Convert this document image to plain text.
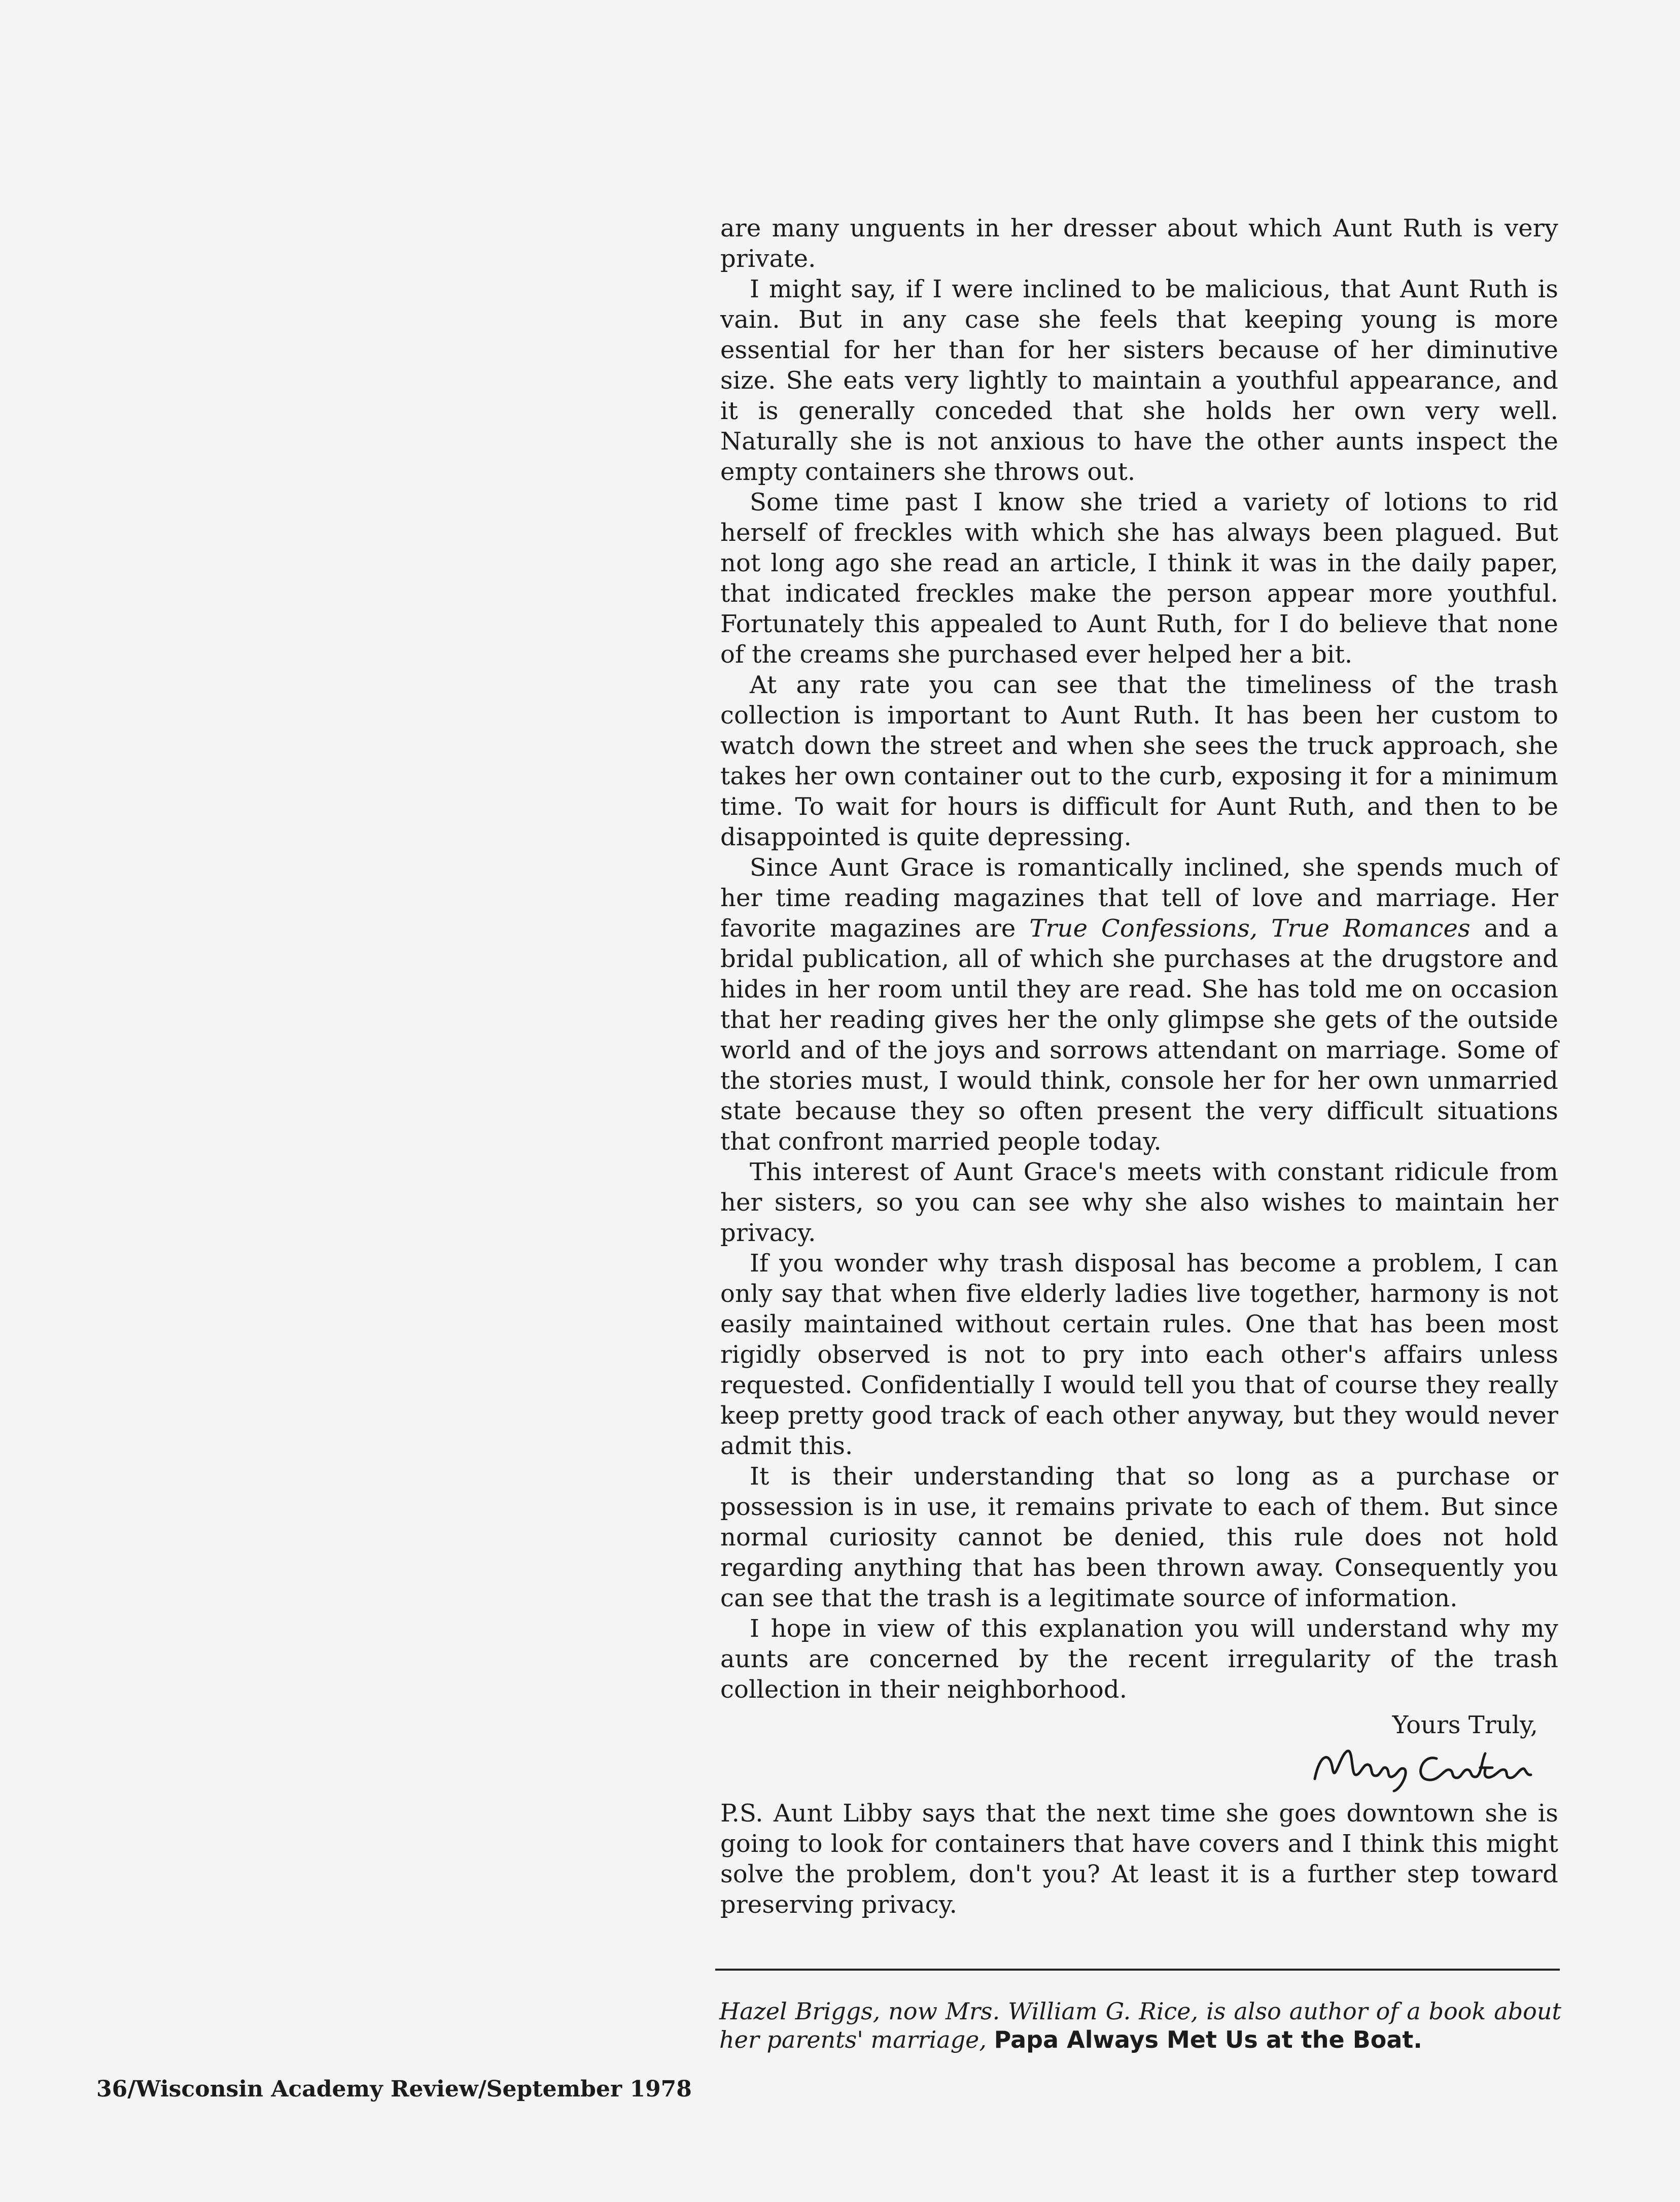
are many unguents in her dresser about which Aunt Ruth is very private.

I might say, if I were inclined to be malicious, that Aunt Ruth is vain. But in any case she feels that keeping young is more essential for her than for her sisters because of her diminutive size. She eats very lightly to maintain a youthful appearance, and it is generally conceded that she holds her own very well. Naturally she is not anxious to have the other aunts inspect the empty containers she throws out.

Some time past I know she tried a variety of lotions to rid herself of freckles with which she has always been plagued. But not long ago she read an article, I think it was in the daily paper, that indicated freckles make the person appear more youthful. Fortunately this appealed to Aunt Ruth, for I do believe that none of the creams she purchased ever helped her a bit.

At any rate you can see that the timeliness of the trash collection is important to Aunt Ruth. It has been her custom to watch down the street and when she sees the truck approach, she takes her own container out to the curb, exposing it for a minimum time. To wait for hours is difficult for Aunt Ruth, and then to be disappointed is quite depressing.

Since Aunt Grace is romantically inclined, she spends much of her time reading magazines that tell of love and marriage. Her favorite magazines are True Confessions, True Romances and a bridal publication, all of which she purchases at the drugstore and hides in her room until they are read. She has told me on occasion that her reading gives her the only glimpse she gets of the outside world and of the joys and sorrows attendant on marriage. Some of the stories must, I would think, console her for her own unmarried state because they so often present the very difficult situations that confront married people today.

This interest of Aunt Grace's meets with constant ridicule from her sisters, so you can see why she also wishes to maintain her privacy.

If you wonder why trash disposal has become a problem, I can only say that when five elderly ladies live together, harmony is not easily maintained without certain rules. One that has been most rigidly observed is not to pry into each other's affairs unless requested. Confidentially I would tell you that of course they really keep pretty good track of each other anyway, but they would never admit this.

It is their understanding that so long as a purchase or possession is in use, it remains private to each of them. But since normal curiosity cannot be denied, this rule does not hold regarding anything that has been thrown away. Consequently you can see that the trash is a legitimate source of information.

I hope in view of this explanation you will understand why my aunts are concerned by the recent irregularity of the trash collection in their neighborhood.

Yours Truly,

P.S. Aunt Libby says that the next time she goes downtown she is going to look for containers that have covers and I think this might solve the problem, don't you? At least it is a further step toward preserving privacy.

Hazel Briggs, now Mrs. William G. Rice, is also author of a book about her parents' marriage, Papa Always Met Us at the Boat.

36/Wisconsin Academy Review/September 1978
